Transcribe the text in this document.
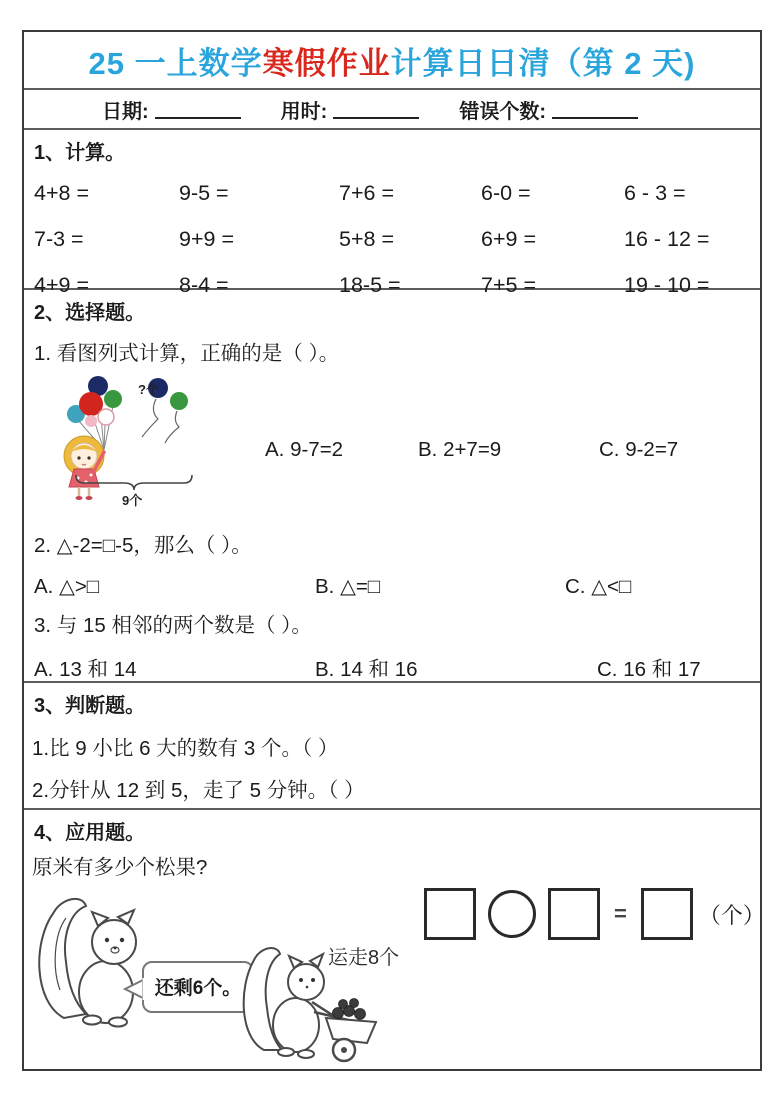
25 一上数学 寒假作业 计算日日清（第 2 天)
日期:	用时:	错误个数:
1、计算。
4+8 =	9-5 =	7+6 =	6-0 =	6 - 3 =
7-3 =	9+9 =	5+8 =	6+9 =	16 - 12 =
4+9 =	8-4 =	18-5 =	7+5 =	19 - 10 =
2、选择题。
1. 看图列式计算，正确的是（ ）。
?个
9个
A. 9-7=2	B. 2+7=9	C. 9-2=7
2. △-2=□-5，那么（ ）。
A. △>□	B. △=□	C. △<□
3. 与 15 相邻的两个数是（ ）。
A. 13 和 14	B. 14 和 16	C. 16 和 17
3、判断题。
1.比 9 小比 6 大的数有 3 个。（ ）
2.分针从 12 到 5，走了 5 分钟。（ ）
4、应用题。
原米有多少个松果?
=	（个）
还剩6个。
运走8个
